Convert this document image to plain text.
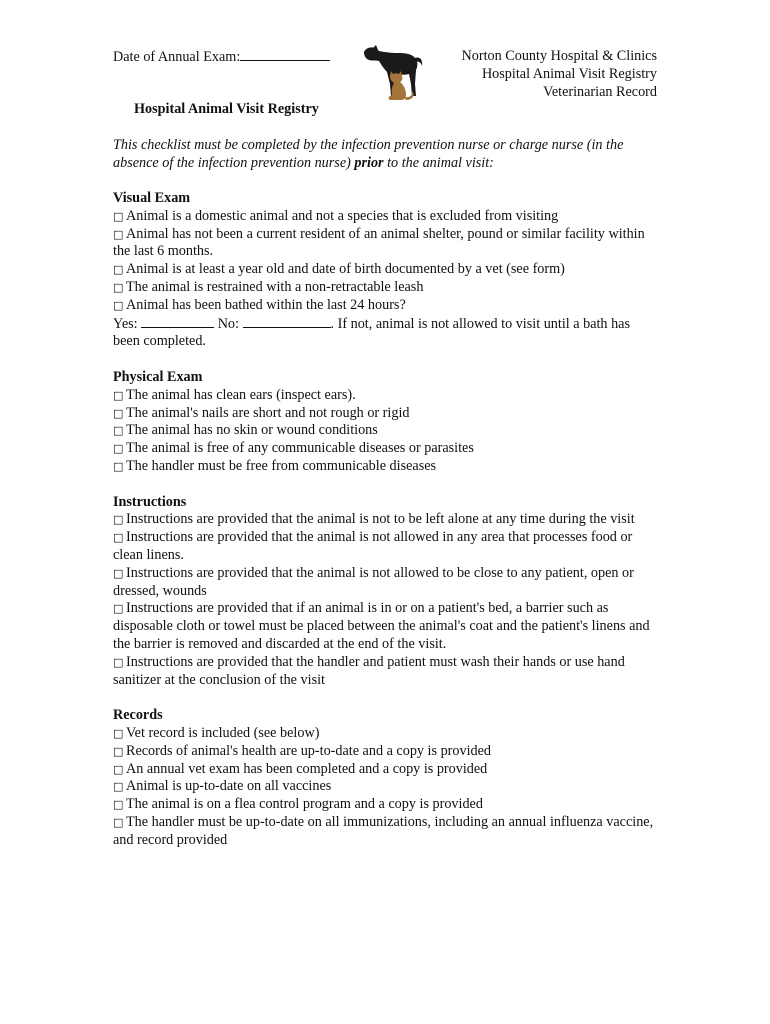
Date of Annual Exam:	Norton County Hospital & Clinics
Hospital Animal Visit Registry
Veterinarian Record
Hospital Animal Visit Registry
This checklist must be completed by the infection prevention nurse or charge nurse (in the absence of the infection prevention nurse) prior to the animal visit:
Visual Exam
□ Animal is a domestic animal and not a species that is excluded from visiting
□ Animal has not been a current resident of an animal shelter, pound or similar facility within the last 6 months.
□ Animal is at least a year old and date of birth documented by a vet (see form)
□ The animal is restrained with a non-retractable leash
□ Animal has been bathed within the last 24 hours?
Yes:	No:	. If not, animal is not allowed to visit until a bath has been completed.
Physical Exam
□ The animal has clean ears (inspect ears).
□ The animal's nails are short and not rough or rigid
□ The animal has no skin or wound conditions
□ The animal is free of any communicable diseases or parasites
□ The handler must be free from communicable diseases
Instructions
□ Instructions are provided that the animal is not to be left alone at any time during the visit
□ Instructions are provided that the animal is not allowed in any area that processes food or clean linens.
□ Instructions are provided that the animal is not allowed to be close to any patient, open or dressed, wounds
□ Instructions are provided that if an animal is in or on a patient's bed, a barrier such as disposable cloth or towel must be placed between the animal's coat and the patient's linens and the barrier is removed and discarded at the end of the visit.
□ Instructions are provided that the handler and patient must wash their hands or use hand sanitizer at the conclusion of the visit
Records
□ Vet record is included (see below)
□ Records of animal's health are up-to-date and a copy is provided
□ An annual vet exam has been completed and a copy is provided
□ Animal is up-to-date on all vaccines
□ The animal is on a flea control program and a copy is provided
□ The handler must be up-to-date on all immunizations, including an annual influenza vaccine, and record provided
